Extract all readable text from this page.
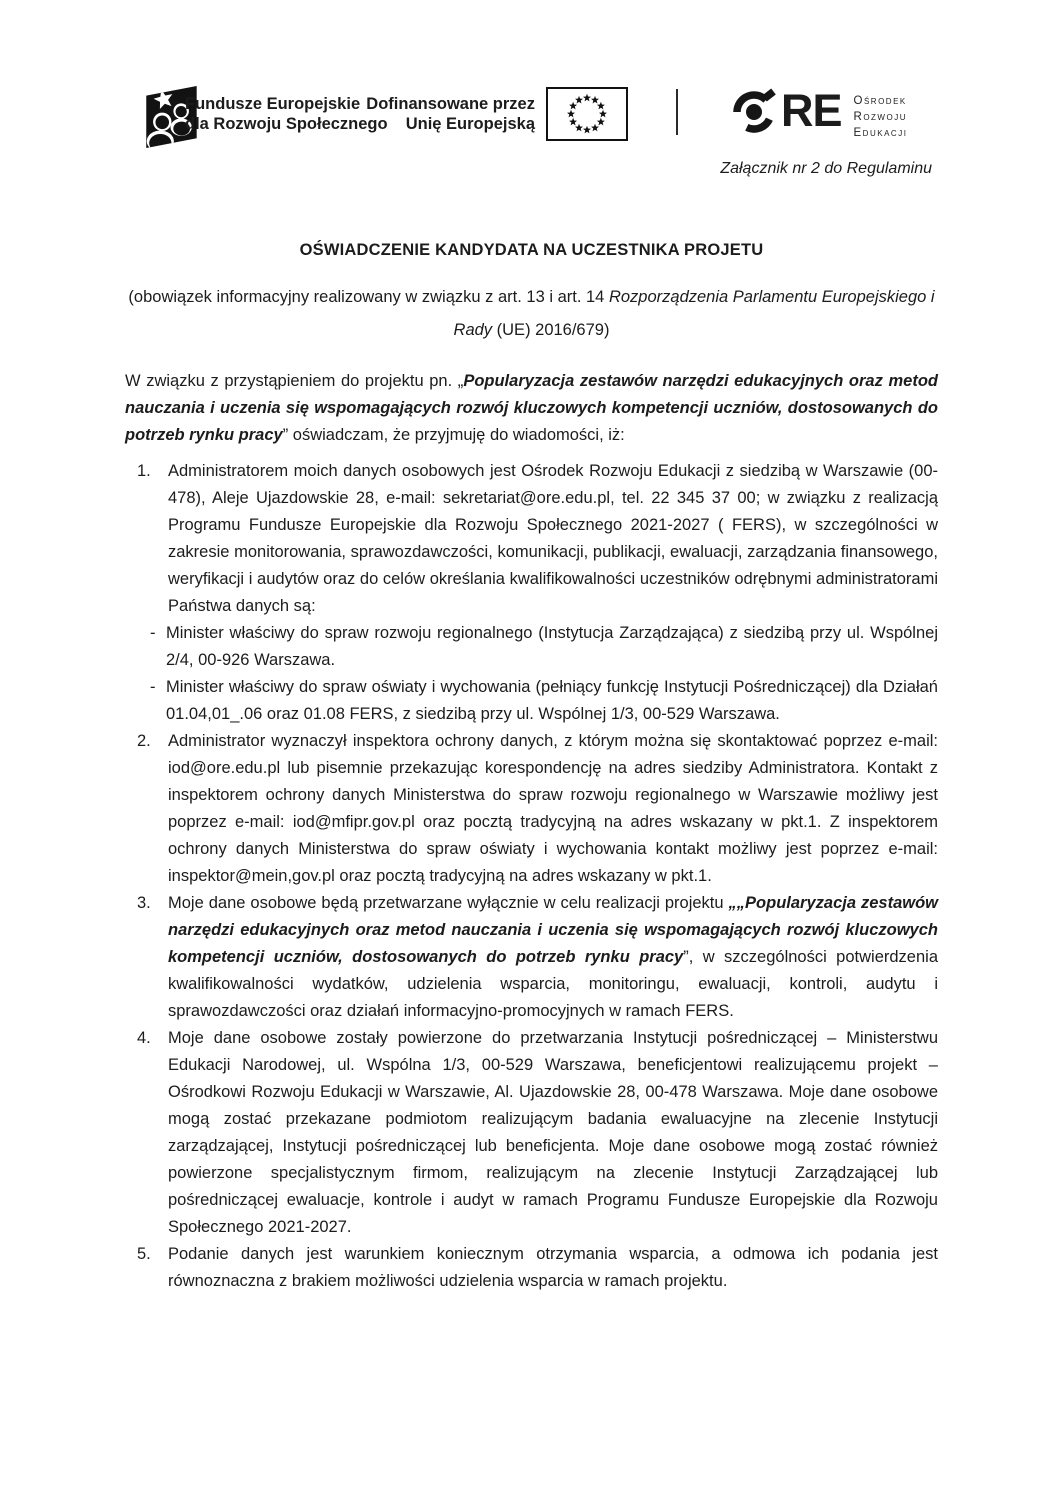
Fundusze Europejskie
dla Rozwoju Społecznego
Dofinansowane przez
Unię Europejską	RE Ośrodek
Rozwoju
Edukacji
Załącznik nr 2 do Regulaminu
OŚWIADCZENIE KANDYDATA NA UCZESTNIKA PROJETU
(obowiązek informacyjny realizowany w związku z art. 13 i art. 14 Rozporządzenia Parlamentu Europejskiego i Rady (UE) 2016/679)
W związku z przystąpieniem do projektu pn. „Popularyzacja zestawów narzędzi edukacyjnych oraz metod nauczania i uczenia się wspomagających rozwój kluczowych kompetencji uczniów, dostosowanych do potrzeb rynku pracy” oświadczam, że przyjmuję do wiadomości, iż:
1.	Administratorem moich danych osobowych jest Ośrodek Rozwoju Edukacji z siedzibą w Warszawie (00-478), Aleje Ujazdowskie 28, e-mail: sekretariat@ore.edu.pl, tel. 22 345 37 00; w związku z realizacją Programu Fundusze Europejskie dla Rozwoju Społecznego 2021-2027 ( FERS), w szczególności w zakresie monitorowania, sprawozdawczości, komunikacji, publikacji, ewaluacji, zarządzania finansowego, weryfikacji i audytów oraz do celów określania kwalifikowalności uczestników odrębnymi administratorami Państwa danych są:
- Minister właściwy do spraw rozwoju regionalnego (Instytucja Zarządzająca) z siedzibą przy ul. Wspólnej 2/4, 00-926 Warszawa.
- Minister właściwy do spraw oświaty i wychowania (pełniący funkcję Instytucji Pośredniczącej) dla Działań 01.04,01_.06 oraz 01.08 FERS, z siedzibą przy ul. Wspólnej 1/3, 00-529 Warszawa.
2.	Administrator wyznaczył inspektora ochrony danych, z którym można się skontaktować poprzez e-mail: iod@ore.edu.pl lub pisemnie przekazując korespondencję na adres siedziby Administratora. Kontakt z inspektorem ochrony danych Ministerstwa do spraw rozwoju regionalnego w Warszawie możliwy jest poprzez e-mail: iod@mfipr.gov.pl oraz pocztą tradycyjną na adres wskazany w pkt.1. Z inspektorem ochrony danych Ministerstwa do spraw oświaty i wychowania kontakt możliwy jest poprzez e-mail: inspektor@mein,gov.pl oraz pocztą tradycyjną na adres wskazany w pkt.1.
3.	Moje dane osobowe będą przetwarzane wyłącznie w celu realizacji projektu „„Popularyzacja zestawów narzędzi edukacyjnych oraz metod nauczania i uczenia się wspomagających rozwój kluczowych kompetencji uczniów, dostosowanych do potrzeb rynku pracy”, w szczególności potwierdzenia kwalifikowalności wydatków, udzielenia wsparcia, monitoringu, ewaluacji, kontroli, audytu i sprawozdawczości oraz działań informacyjno-promocyjnych w ramach FERS.
4.	Moje dane osobowe zostały powierzone do przetwarzania Instytucji pośredniczącej – Ministerstwu Edukacji Narodowej, ul. Wspólna 1/3, 00-529 Warszawa, beneficjentowi realizującemu projekt – Ośrodkowi Rozwoju Edukacji w Warszawie, Al. Ujazdowskie 28, 00-478 Warszawa. Moje dane osobowe mogą zostać przekazane podmiotom realizującym badania ewaluacyjne na zlecenie Instytucji zarządzającej, Instytucji pośredniczącej lub beneficjenta. Moje dane osobowe mogą zostać również powierzone specjalistycznym firmom, realizującym na zlecenie Instytucji Zarządzającej lub pośredniczącej ewaluacje, kontrole i audyt w ramach Programu Fundusze Europejskie dla Rozwoju Społecznego 2021-2027.
5.	Podanie danych jest warunkiem koniecznym otrzymania wsparcia, a odmowa ich podania jest równoznaczna z brakiem możliwości udzielenia wsparcia w ramach projektu.
